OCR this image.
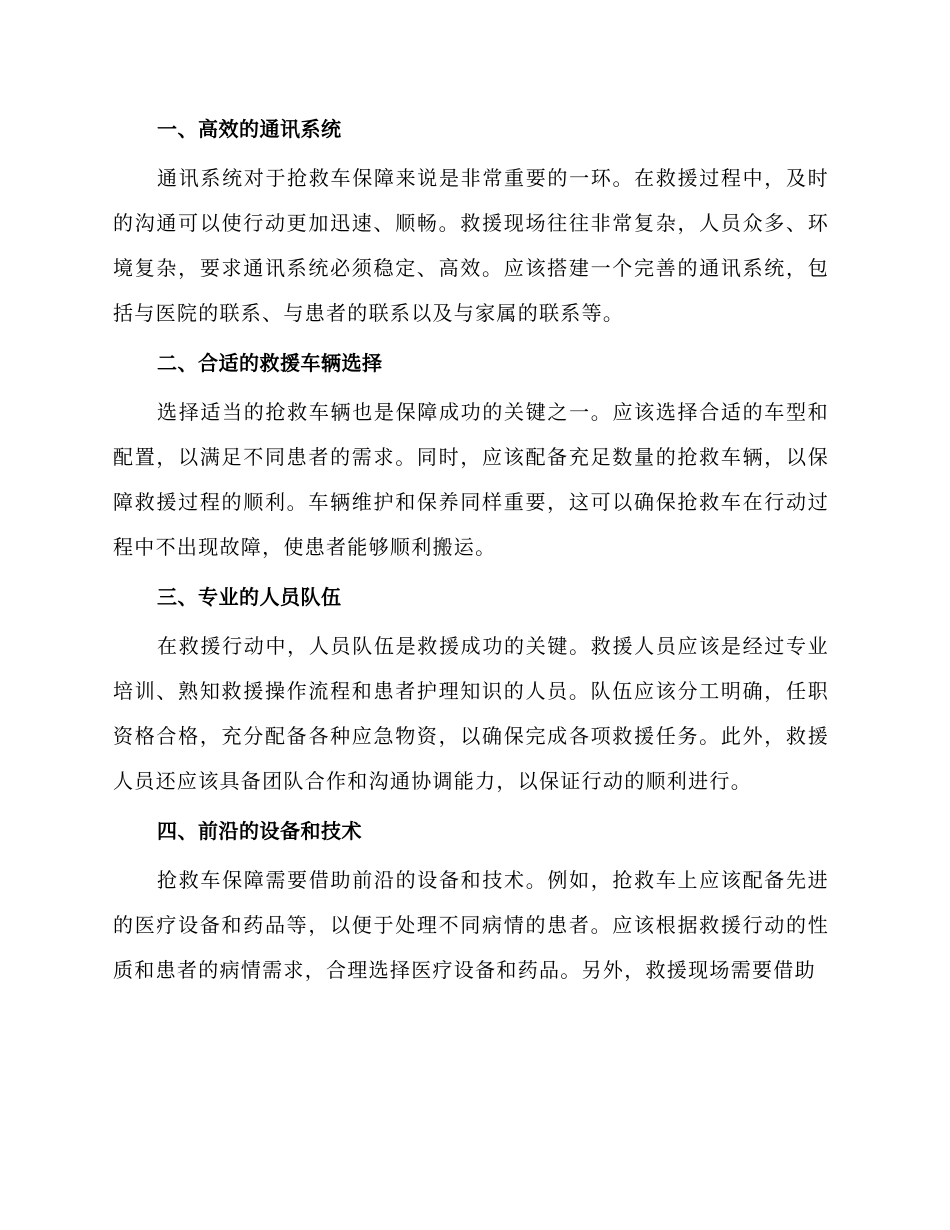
一、高效的通讯系统
通讯系统对于抢救车保障来说是非常重要的一环。在救援过程中，及时的沟通可以使行动更加迅速、顺畅。救援现场往往非常复杂，人员众多、环境复杂，要求通讯系统必须稳定、高效。应该搭建一个完善的通讯系统，包括与医院的联系、与患者的联系以及与家属的联系等。
二、合适的救援车辆选择
选择适当的抢救车辆也是保障成功的关键之一。应该选择合适的车型和配置，以满足不同患者的需求。同时，应该配备充足数量的抢救车辆，以保障救援过程的顺利。车辆维护和保养同样重要，这可以确保抢救车在行动过程中不出现故障，使患者能够顺利搬运。
三、专业的人员队伍
在救援行动中，人员队伍是救援成功的关键。救援人员应该是经过专业培训、熟知救援操作流程和患者护理知识的人员。队伍应该分工明确，任职资格合格，充分配备各种应急物资，以确保完成各项救援任务。此外，救援人员还应该具备团队合作和沟通协调能力，以保证行动的顺利进行。
四、前沿的设备和技术
抢救车保障需要借助前沿的设备和技术。例如，抢救车上应该配备先进的医疗设备和药品等，以便于处理不同病情的患者。应该根据救援行动的性质和患者的病情需求，合理选择医疗设备和药品。另外，救援现场需要借助
